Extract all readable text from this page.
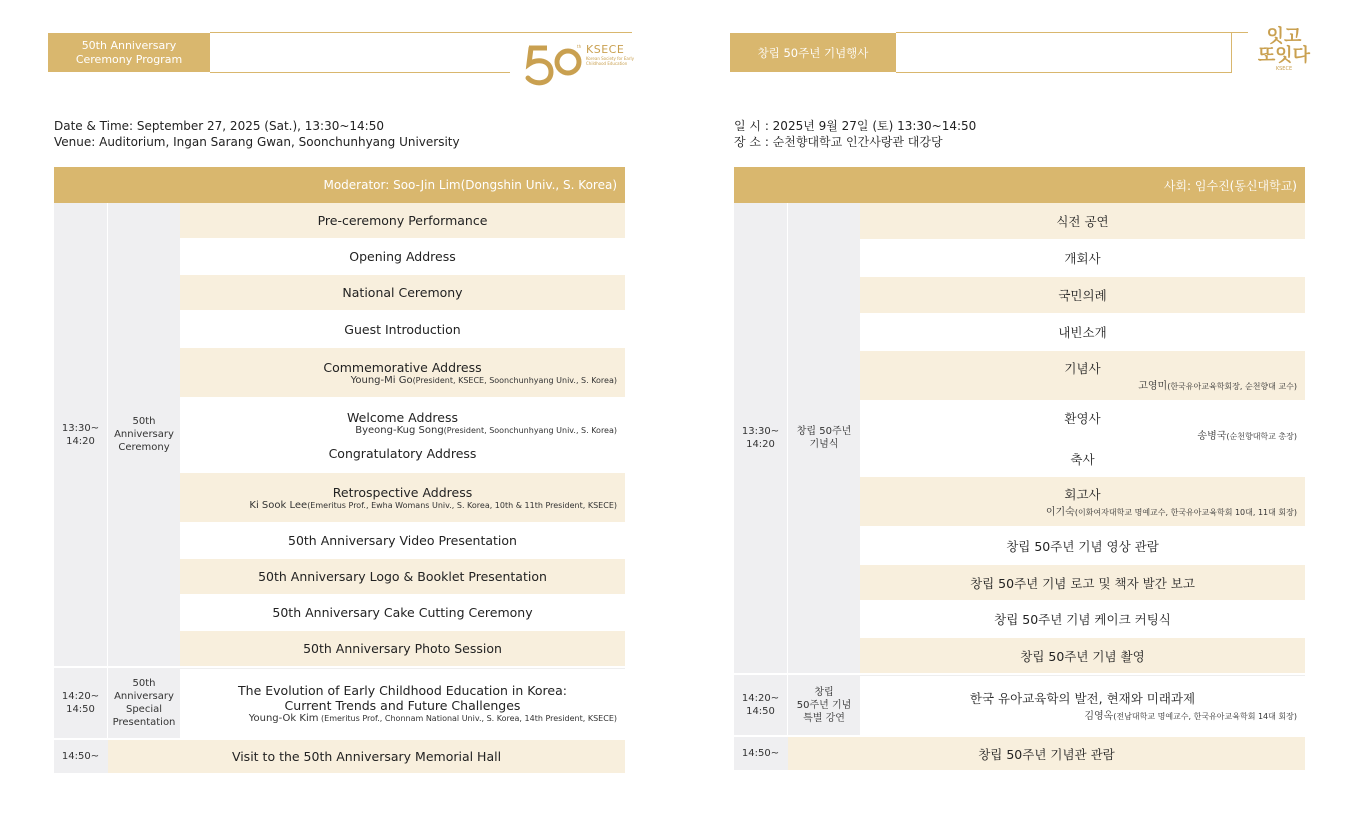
50th Anniversary
Ceremony Program
th KSECE
Korean Society for Early Childhood Education
Date & Time: September 27, 2025 (Sat.), 13:30~14:50
Venue: Auditorium, Ingan Sarang Gwan, Soonchunhyang University
Moderator: Soo-Jin Lim(Dongshin Univ., S. Korea)
13:30~
14:20
50th
Anniversary
Ceremony
14:20~
14:50
50th
Anniversary
Special
Presentation
14:50~
Pre-ceremony Performance
Opening Address
National Ceremony
Guest Introduction
Commemorative Address
Young-Mi Go(President, KSECE, Soonchunhyang Univ., S. Korea)
Welcome Address
Byeong-Kug Song(President, Soonchunhyang Univ., S. Korea)
Congratulatory Address
Retrospective Address
Ki Sook Lee(Emeritus Prof., Ewha Womans Univ., S. Korea, 10th & 11th President, KSECE)
50th Anniversary Video Presentation
50th Anniversary Logo & Booklet Presentation
50th Anniversary Cake Cutting Ceremony
50th Anniversary Photo Session
The Evolution of Early Childhood Education in Korea:
Current Trends and Future Challenges
Young-Ok Kim (Emeritus Prof., Chonnam National Univ., S. Korea, 14th President, KSECE)
Visit to the 50th Anniversary Memorial Hall
창립 50주년 기념행사
잇고
또잇다
KSECE
일 시 : 2025년 9월 27일 (토) 13:30~14:50
장 소 : 순천향대학교 인간사랑관 대강당
사회: 임수진(동신대학교)
13:30~
14:20
창립 50주년
기념식
14:20~
14:50
창립
50주년 기념
특별 강연
14:50~
식전 공연
개회사
국민의례
내빈소개
기념사
고영미(한국유아교육학회장, 순천향대 교수)
환영사
송병국(순천향대학교 총장)
축사
회고사
이기숙(이화여자대학교 명예교수, 한국유아교육학회 10대, 11대 회장)
창립 50주년 기념 영상 관람
창립 50주년 기념 로고 및 책자 발간 보고
창립 50주년 기념 케이크 커팅식
창립 50주년 기념 촬영
한국 유아교육학의 발전, 현재와 미래과제
김영옥(전남대학교 명예교수, 한국유아교육학회 14대 회장)
창립 50주년 기념관 관람
